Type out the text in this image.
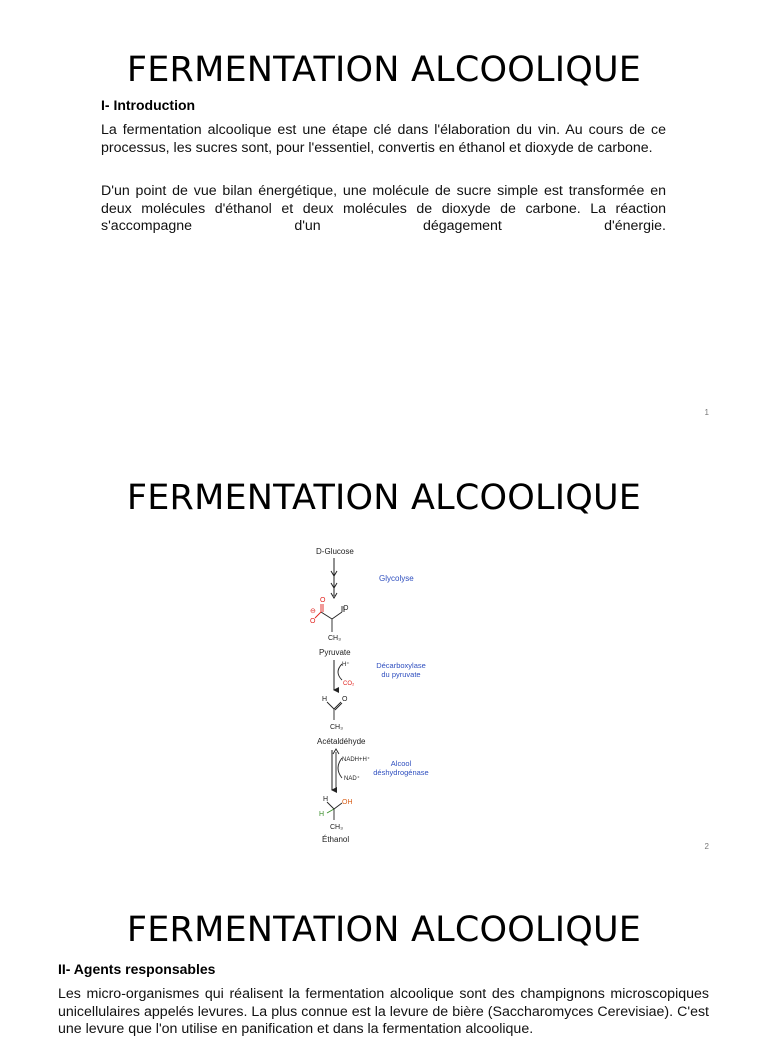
FERMENTATION ALCOOLIQUE
I- Introduction

La fermentation alcoolique est une étape clé dans l'élaboration du vin. Au cours de ce processus, les sucres sont, pour l'essentiel, convertis en éthanol et dioxyde de carbone.

D'un point de vue bilan énergétique, une molécule de sucre simple est transformée en deux molécules d'éthanol et deux molécules de dioxyde de carbone. La réaction s'accompagne d'un dégagement d'énergie.

1
FERMENTATION ALCOOLIQUE
D-Glucose
Glycolyse
O
O
⊖	O
CH₃
Pyruvate
H⁺
CO₂
Décarboxylase
du pyruvate
H O
CH₃
Acétaldéhyde
NADH+H⁺
NAD⁺
Alcool
déshydrogénase
H
H
OH
CH₃
Éthanol
2
FERMENTATION ALCOOLIQUE
II- Agents responsables

Les micro-organismes qui réalisent la fermentation alcoolique sont des champignons microscopiques unicellulaires appelés levures. La plus connue est la levure de bière (Saccharomyces Cerevisiae). C'est une levure que l'on utilise en panification et dans la fermentation alcoolique.
